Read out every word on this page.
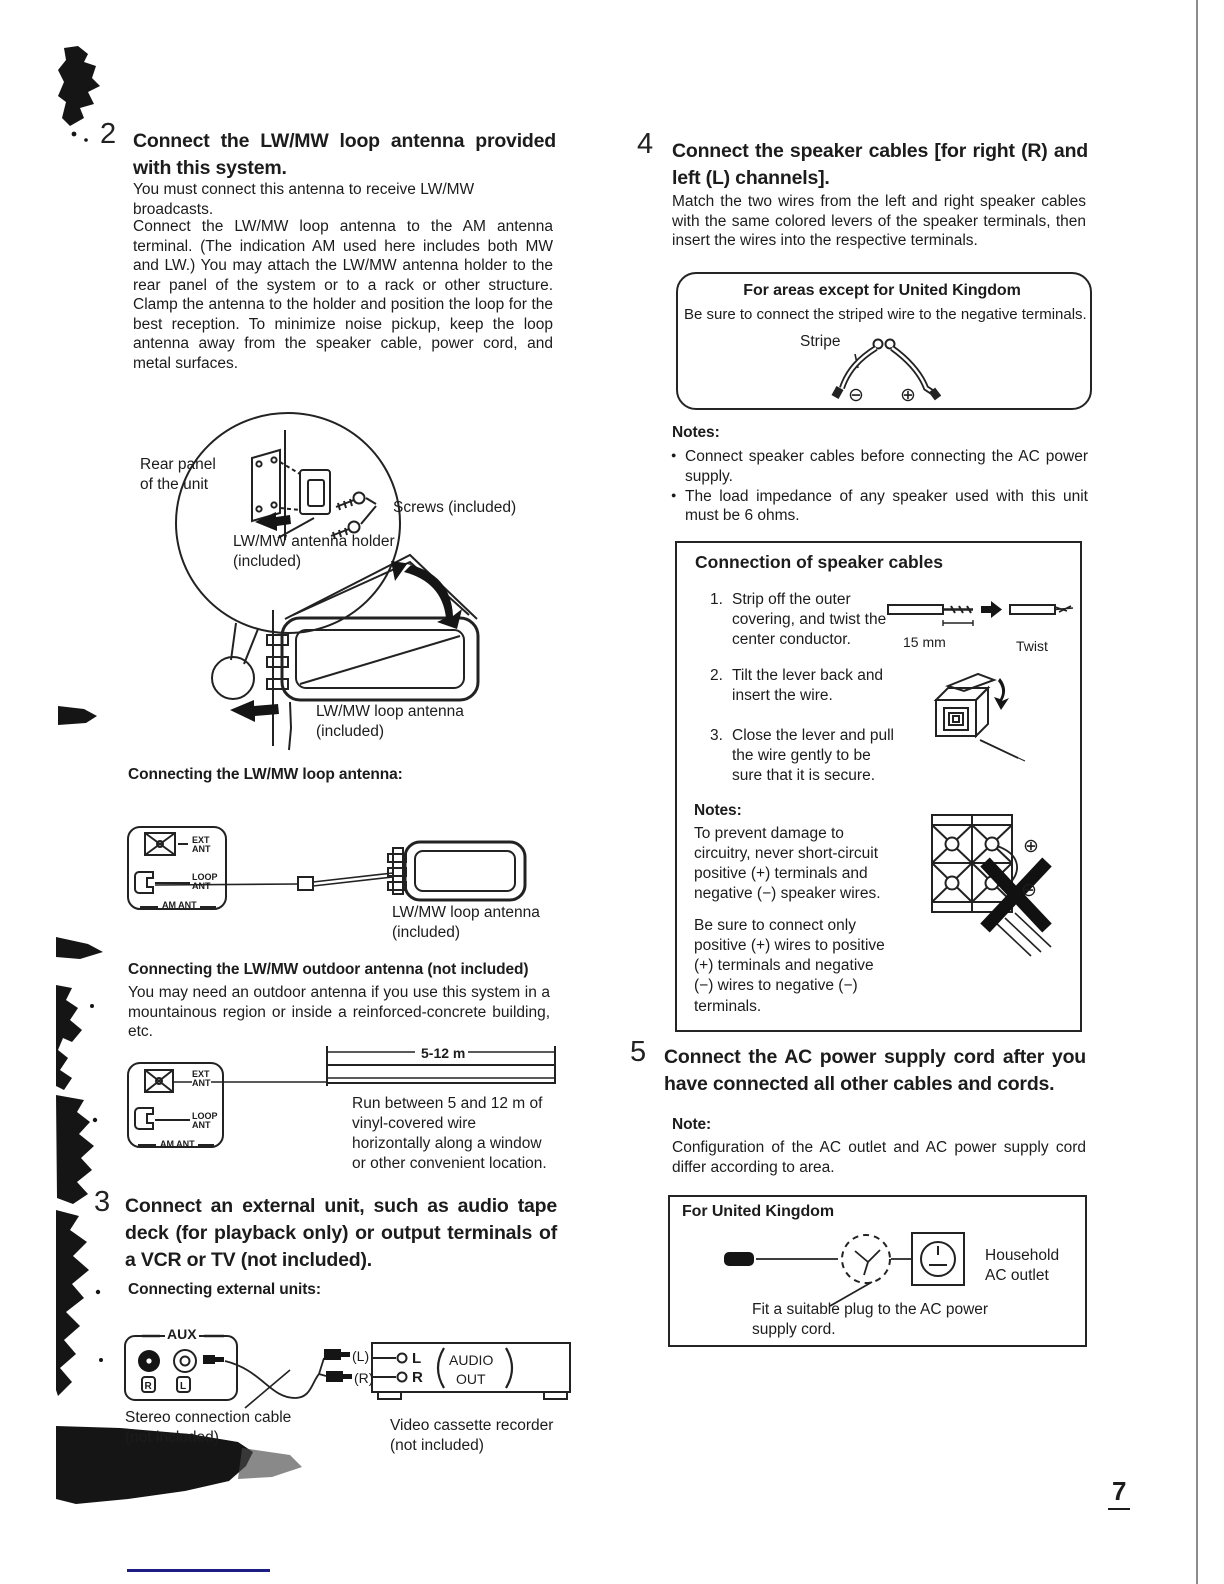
2 Connect the LW/MW loop antenna provided with this system.
You must connect this antenna to receive LW/MW broadcasts.
Connect the LW/MW loop antenna to the AM antenna terminal. (The indication AM used here includes both MW and LW.) You may attach the LW/MW antenna holder to the rear panel of the system or to a rack or other structure. Clamp the antenna to the holder and position the loop for the best reception. To minimize noise pickup, keep the loop antenna away from the speaker cable, power cord, and metal surfaces.
Rear panel
of the unit
Screws (included)
LW/MW antenna holder
(included)
LW/MW loop antenna
(included)
Connecting the LW/MW loop antenna:
EXT
ANT
LOOP
ANT
AM ANT	LW/MW loop antenna
(included)
Connecting the LW/MW outdoor antenna (not included)
You may need an outdoor antenna if you use this system in a mountainous region or inside a reinforced-concrete building, etc.
EXT
ANT
LOOP
ANT
AM ANT
5-12 m
Run between 5 and 12 m of vinyl-covered wire horizontally along a window or other convenient location.
3 Connect an external unit, such as audio tape deck (for playback only) or output terminals of a VCR or TV (not included).
Connecting external units:
R	L
(L)
(R)
L
R
AUDIO
OUT
AUX
Stereo connection cable
(not included)
Video cassette recorder
(not included)
4 Connect the speaker cables [for right (R) and left (L) channels].
Match the two wires from the left and right speaker cables with the same colored levers of the speaker terminals, then insert the wires into the respective terminals.
For areas except for United Kingdom
Be sure to connect the striped wire to the negative terminals.
⊖ ⊕
Stripe
Notes:
● Connect speaker cables before connecting the AC power supply.
● The load impedance of any speaker used with this unit must be 6 ohms.
Connection of speaker cables
1. Strip off the outer covering, and twist the center conductor.	15 mm	Twist
2. Tilt the lever back and insert the wire.
3. Close the lever and pull the wire gently to be sure that it is secure.
Notes:
To prevent damage to circuitry, never short-circuit positive (+) terminals and negative (−) speaker wires.
⊕
⊖
Be sure to connect only positive (+) wires to positive (+) terminals and negative (−) wires to negative (−) terminals.
5 Connect the AC power supply cord after you have connected all other cables and cords.
Note:
Configuration of the AC outlet and AC power supply cord differ according to area.
For United Kingdom
Household
AC outlet
Fit a suitable plug to the AC power
supply cord.
7
